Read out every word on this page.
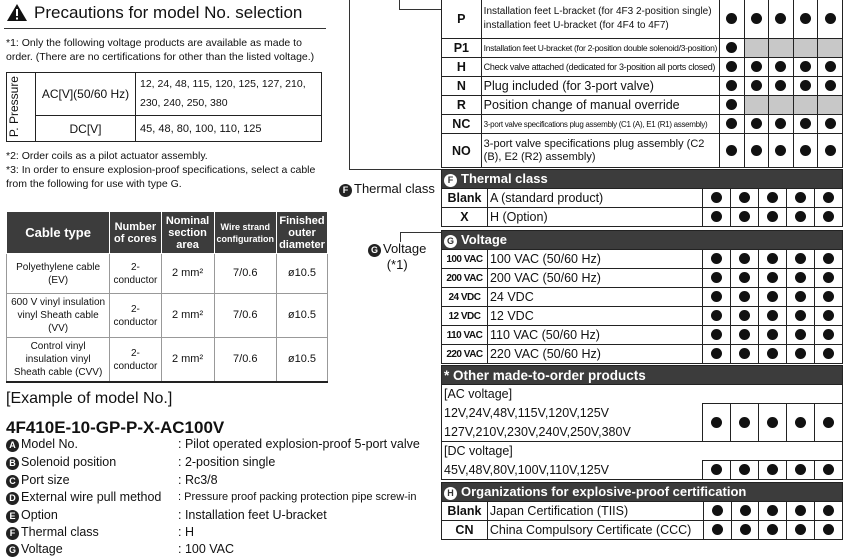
Precautions for model No. selection
*1: Only the following voltage products are available as made to order. (There are no certifications for other than the listed voltage.)
P. Pressure	AC[V](50/60 Hz)	12, 24, 48, 115, 120, 125, 127, 210, 230, 240, 250, 380
	DC[V]	45, 48, 80, 100, 110, 125
*2: Order coils as a pilot actuator assembly.
*3: In order to ensure explosion-proof specifications, select a cable from the following for use with type G.
Cable type	Number of cores	Nominal section area	Wire strand configuration	Finished outer diameter
Polyethylene cable (EV)	2-conductor	2 mm²	7/0.6	ø10.5
600 V vinyl insulation vinyl Sheath cable (VV)	2-conductor	2 mm²	7/0.6	ø10.5
Control vinyl insulation vinyl Sheath cable (CVV)	2-conductor	2 mm²	7/0.6	ø10.5
[Example of model No.]
4F410E-10-GP-P-X-AC100V
A Model No.	: Pilot operated explosion-proof 5-port valve
B Solenoid position	: 2-position single
C Port size	: Rc3/8
D External wire pull method	: Pressure proof packing protection pipe screw-in
E Option	: Installation feet U-bracket
F Thermal class	: H
G Voltage	: 100 VAC
F Thermal class
G Voltage
(*1)
P	Installation feet L-bracket (for 4F3 2-position single) installation feet U-bracket (for 4F4 to 4F7)					
P1	Installation feet U-bracket (for 2-position double solenoid/3-position)					
H	Check valve attached (dedicated for 3-position all ports closed)					
N	Plug included (for 3-port valve)					
R	Position change of manual override					
NC	3-port valve specifications plug assembly (C1 (A), E1 (R1) assembly)					
NO	3-port valve specifications plug assembly (C2 (B), E2 (R2) assembly)					
F Thermal class						
Blank	A (standard product)					
X	H (Option)					
G Voltage						
100 VAC	100 VAC (50/60 Hz)					
200 VAC	200 VAC (50/60 Hz)					
24 VDC	24 VDC					
12 VDC	12 VDC					
110 VAC	110 VAC (50/60 Hz)					
220 VAC	220 VAC (50/60 Hz)					
* Other made-to-order products					
[AC voltage]					
12V,24V,48V,115V,120V,125V					
127V,210V,230V,240V,250V,380V					
[DC voltage]					
45V,48V,80V,100V,110V,125V					
H Organizations for explosive-proof certification						
Blank	Japan Certification (TIIS)					
CN	China Compulsory Certificate (CCC)					
